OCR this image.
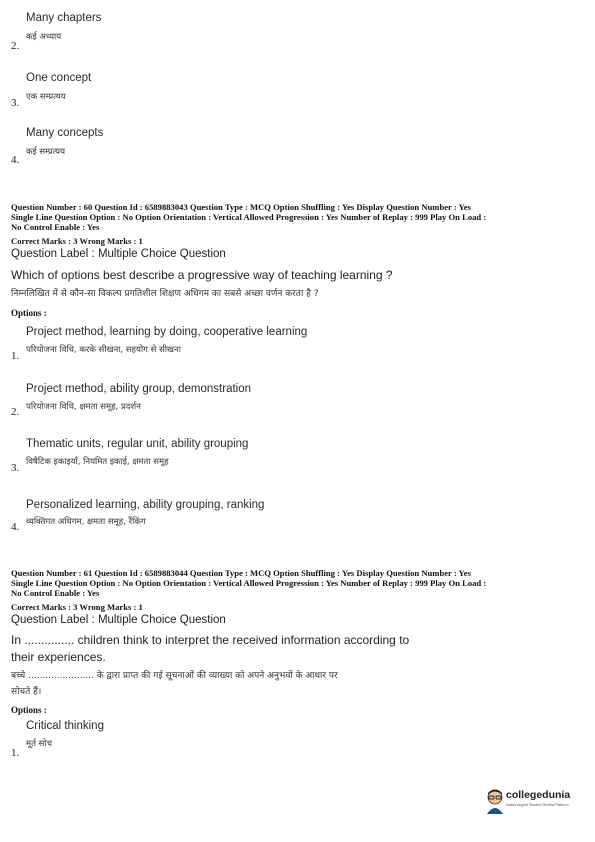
Many chapters
कई अध्याय
2.
One concept
एक सम्प्रत्यय
3.
Many concepts
कई सम्प्रत्यय
4.
Question Number : 60 Question Id : 6589883043 Question Type : MCQ Option Shuffling : Yes Display Question Number : Yes
Single Line Question Option : No Option Orientation : Vertical Allowed Progression : Yes Number of Replay : 999 Play On Load :
No Control Enable : Yes
Correct Marks : 3 Wrong Marks : 1
Question Label : Multiple Choice Question
Which of options best describe a progressive way of teaching learning ?
निम्नलिखित में से कौन-सा विकल्प प्रगतिशील शिक्षण अधिगम का सबसे अच्छा वर्णन करता है ?
Options :
Project method, learning by doing, cooperative learning
परियोजना विधि, करके सीखना, सहयोग से सीखना
1.
Project method, ability group, demonstration
परियोजना विधि, क्षमता समूह, प्रदर्शन
2.
Thematic units, regular unit, ability grouping
विषैटिक इकाइयाँ, नियमित इकाई, क्षमता समूह
3.
Personalized learning, ability grouping, ranking
व्यक्तिगत अधिगम, क्षमता समूह, रैंकिंग
4.
Question Number : 61 Question Id : 6589883044 Question Type : MCQ Option Shuffling : Yes Display Question Number : Yes
Single Line Question Option : No Option Orientation : Vertical Allowed Progression : Yes Number of Replay : 999 Play On Load :
No Control Enable : Yes
Correct Marks : 3 Wrong Marks : 1
Question Label : Multiple Choice Question
In ............... children think to interpret the received information according to
their experiences.
बच्चे ....................... के द्वारा प्राप्त की गई सूचनाओं की व्याख्या को अपने अनुभवों के आधार पर
सोचते हैं।
Options :
Critical thinking
मूर्त सोच
1.
collegedunia
India's largest Student Review Platform
